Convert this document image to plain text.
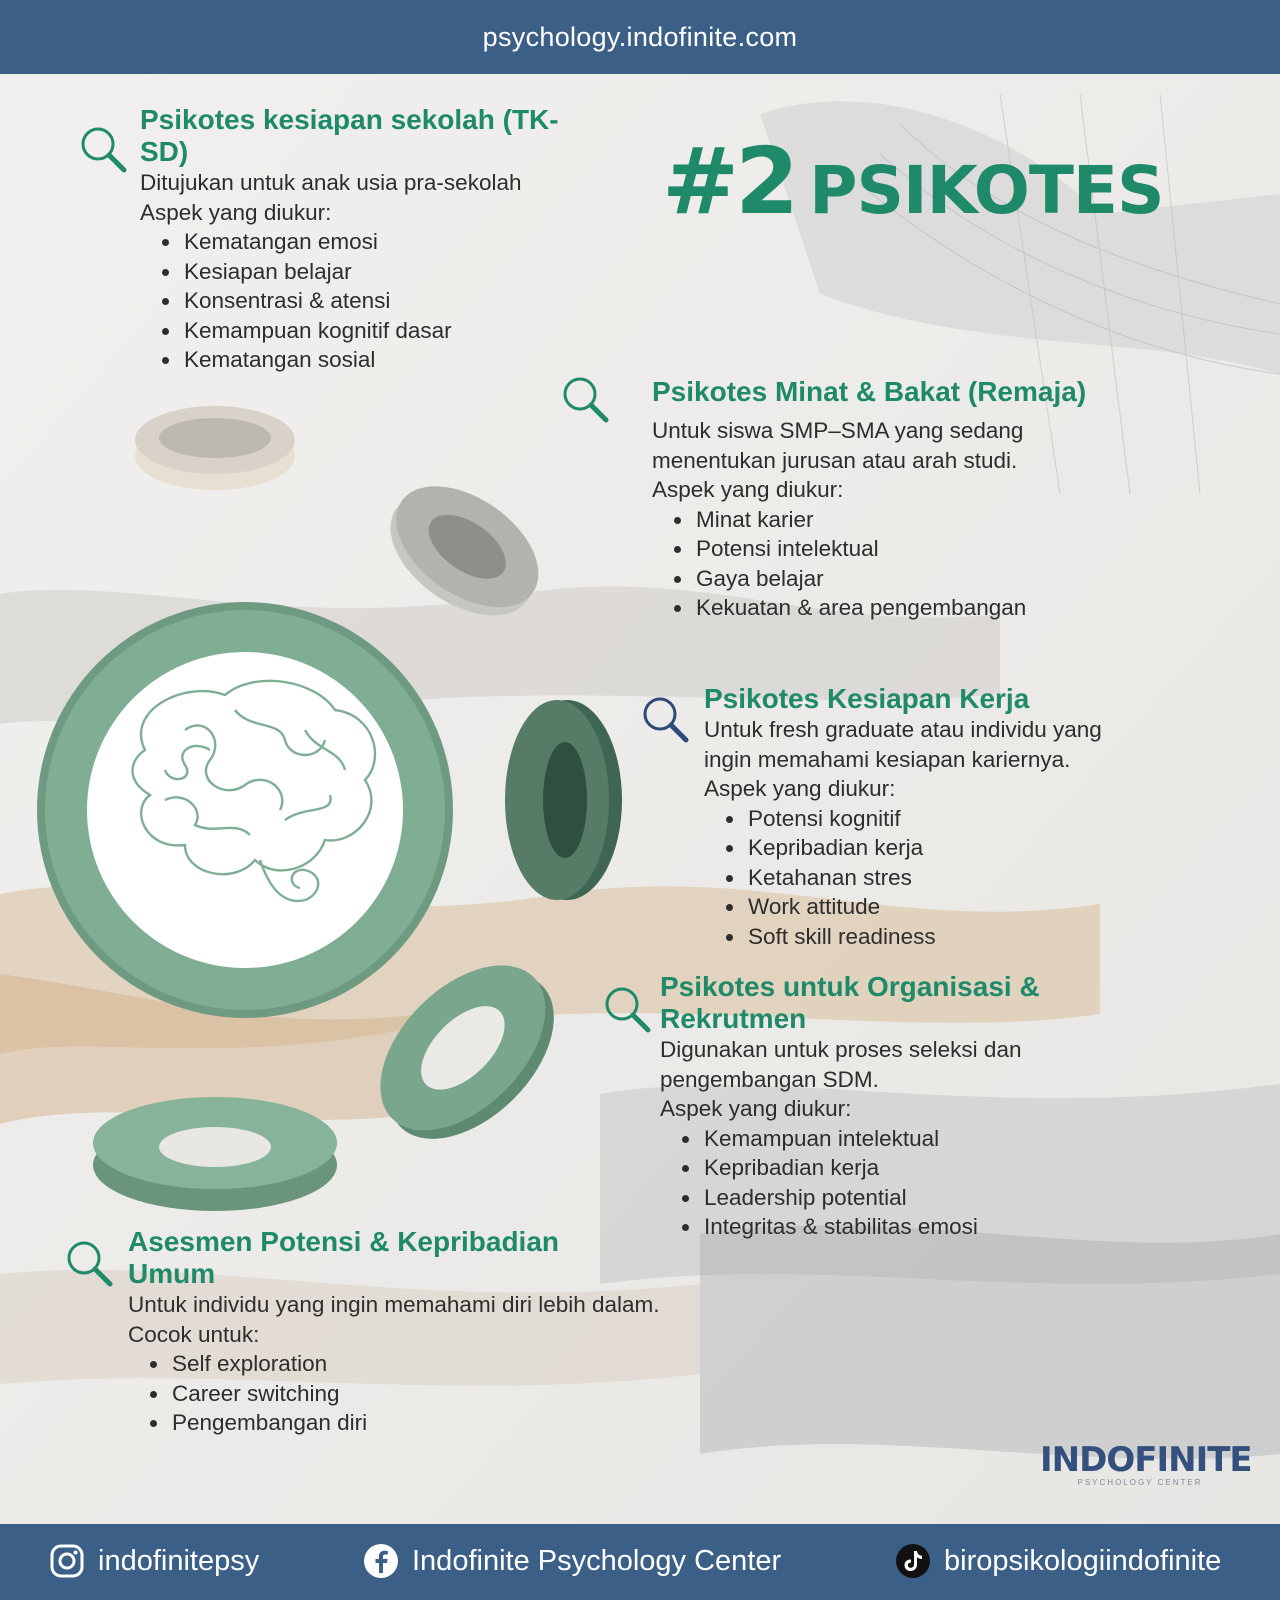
psychology.indofinite.com
#2 PSIKOTES
Psikotes kesiapan sekolah (TK-SD)

Ditujukan untuk anak usia pra-sekolah

Aspek yang diukur:

• Kematangan emosi
• Kesiapan belajar
• Konsentrasi & atensi
• Kemampuan kognitif dasar
• Kematangan sosial
Psikotes Minat & Bakat (Remaja)

Untuk siswa SMP–SMA yang sedang menentukan jurusan atau arah studi.

Aspek yang diukur:

• Minat karier
• Potensi intelektual
• Gaya belajar
• Kekuatan & area pengembangan
Psikotes Kesiapan Kerja

Untuk fresh graduate atau individu yang ingin memahami kesiapan kariernya.

Aspek yang diukur:

• Potensi kognitif
• Kepribadian kerja
• Ketahanan stres
• Work attitude
• Soft skill readiness
Psikotes untuk Organisasi & Rekrutmen

Digunakan untuk proses seleksi dan pengembangan SDM.

Aspek yang diukur:

• Kemampuan intelektual
• Kepribadian kerja
• Leadership potential
• Integritas & stabilitas emosi
Asesmen Potensi & Kepribadian Umum

Untuk individu yang ingin memahami diri lebih dalam.

Cocok untuk:

• Self exploration
• Career switching
• Pengembangan diri
INDOFINITE
PSYCHOLOGY CENTER
indofinitepsy	Indofinite Psychology Center	biropsikologiindofinite
